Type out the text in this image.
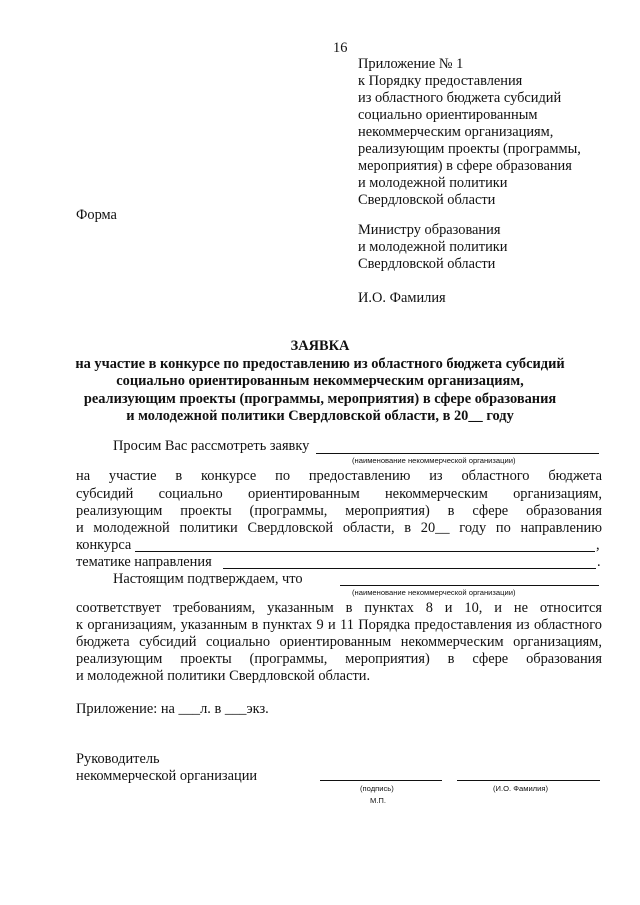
16
Приложение № 1
к Порядку предоставления
из областного бюджета субсидий
социально ориентированным
некоммерческим организациям,
реализующим проекты (программы,
мероприятия) в сфере образования
и молодежной политики
Свердловской области
Форма
Министру образования
и молодежной политики
Свердловской области
И.О. Фамилия
ЗАЯВКА
на участие в конкурсе по предоставлению из областного бюджета субсидий
социально ориентированным некоммерческим организациям,
реализующим проекты (программы, мероприятия) в сфере образования
и молодежной политики Свердловской области, в 20__ году
Просим Вас рассмотреть заявку
(наименование некоммерческой организации)
на участие в конкурсе по предоставлению из областного бюджета
субсидий социально ориентированным некоммерческим организациям,
реализующим проекты (программы, мероприятия) в сфере образования
и молодежной политики Свердловской области, в 20__ году по направлению
конкурса	,
тематике направления	.
Настоящим подтверждаем, что
(наименование некоммерческой организации)
соответствует требованиям, указанным в пунктах 8 и 10, и не относится
к организациям, указанным в пунктах 9 и 11 Порядка предоставления из областного
бюджета субсидий социально ориентированным некоммерческим организациям,
реализующим проекты (программы, мероприятия) в сфере образования
и молодежной политики Свердловской области.
Приложение: на ___л. в ___экз.
Руководитель
некоммерческой организации
(подпись)	(И.О. Фамилия)
М.П.
